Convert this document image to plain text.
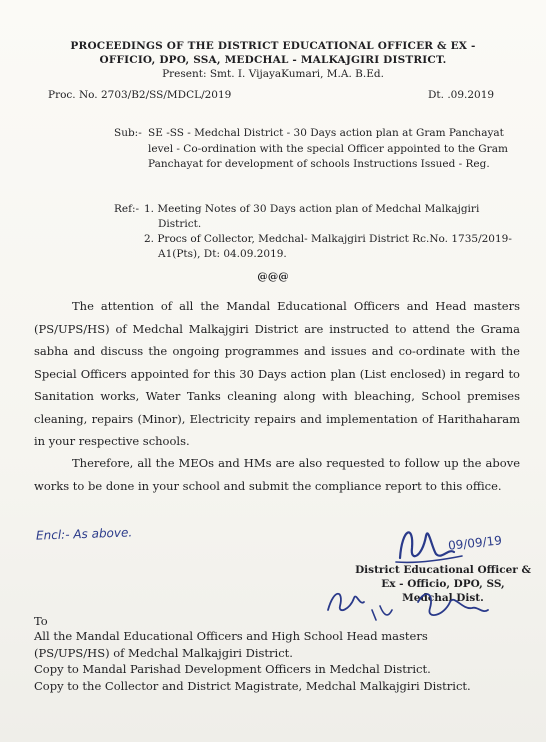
PROCEEDINGS OF THE DISTRICT EDUCATIONAL OFFICER & EX -
OFFICIO, DPO, SSA, MEDCHAL - MALKAJGIRI DISTRICT.
Present: Smt. I. VijayaKumari, M.A. B.Ed.
Proc. No. 2703/B2/SS/MDCL/2019	Dt. .09.2019
Sub:- SE -SS - Medchal District - 30 Days action plan at Gram Panchayat level - Co-ordination with the special Officer appointed to the Gram Panchayat for development of schools Instructions Issued - Reg.
Ref:- 1. Meeting Notes of 30 Days action plan of Medchal Malkajgiri District.
2. Procs of Collector, Medchal- Malkajgiri District Rc.No. 1735/2019-A1(Pts), Dt: 04.09.2019.
@@@
The attention of all the Mandal Educational Officers and Head masters (PS/UPS/HS) of Medchal Malkajgiri District are instructed to attend the Grama sabha and discuss the ongoing programmes and issues and co-ordinate with the Special Officers appointed for this 30 Days action plan (List enclosed) in regard to Sanitation works, Water Tanks cleaning along with bleaching, School premises cleaning, repairs (Minor), Electricity repairs and implementation of Harithaharam in your respective schools.
Therefore, all the MEOs and HMs are also requested to follow up the above works to be done in your school and submit the compliance report to this office.
Encl:- As above.	09/09/19
District Educational Officer &
Ex - Officio, DPO, SS,
Medchal Dist.
To
All the Mandal Educational Officers and High School Head masters
(PS/UPS/HS) of Medchal Malkajgiri District.
Copy to Mandal Parishad Development Officers in Medchal District.
Copy to the Collector and District Magistrate, Medchal Malkajgiri District.
